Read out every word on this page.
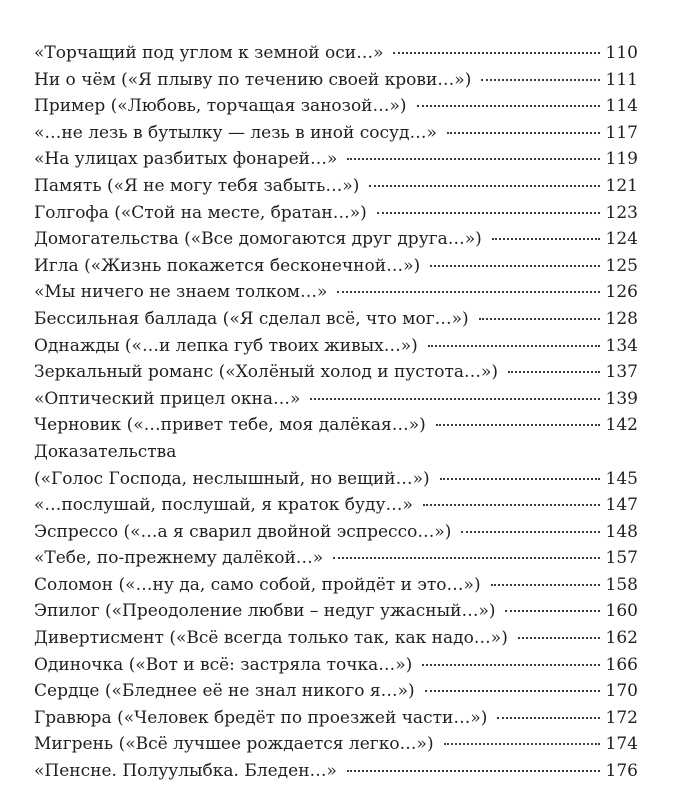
«Торчащий под углом к земной оси…»	110
Ни о чём («Я плыву по течению своей крови…»)	111
Пример («Любовь, торчащая занозой…»)	114
«…не лезь в бутылку — лезь в иной сосуд…»	117
«На улицах разбитых фонарей…»	119
Память («Я не могу тебя забыть…»)	121
Голгофа («Стой на месте, братан…»)	123
Домогательства («Все домогаются друг друга…»)	124
Игла («Жизнь покажется бесконечной…»)	125
«Мы ничего не знаем толком…»	126
Бессильная баллада («Я сделал всё, что мог…»)	128
Однажды («…и лепка губ твоих живых…»)	134
Зеркальный романс («Холёный холод и пустота…»)	137
«Оптический прицел окна…»	139
Черновик («…привет тебе, моя далёкая…»)	142
Доказательства
(«Голос Господа, неслышный, но вещий…»)	145
«…послушай, послушай, я краток буду…»	147
Эспрессо («…а я сварил двойной эспрессо…»)	148
«Тебе, по-прежнему далёкой…»	157
Соломон («…ну да, само собой, пройдёт и это…»)	158
Эпилог («Преодоление любви – недуг ужасный…»)	160
Дивертисмент («Всё всегда только так, как надо…»)	162
Одиночка («Вот и всё: застряла точка…»)	166
Сердце («Бледнее её не знал никого я…»)	170
Гравюра («Человек бредёт по проезжей части…»)	172
Мигрень («Всё лучшее рождается легко…»)	174
«Пенсне. Полуулыбка. Бледен…»	176
